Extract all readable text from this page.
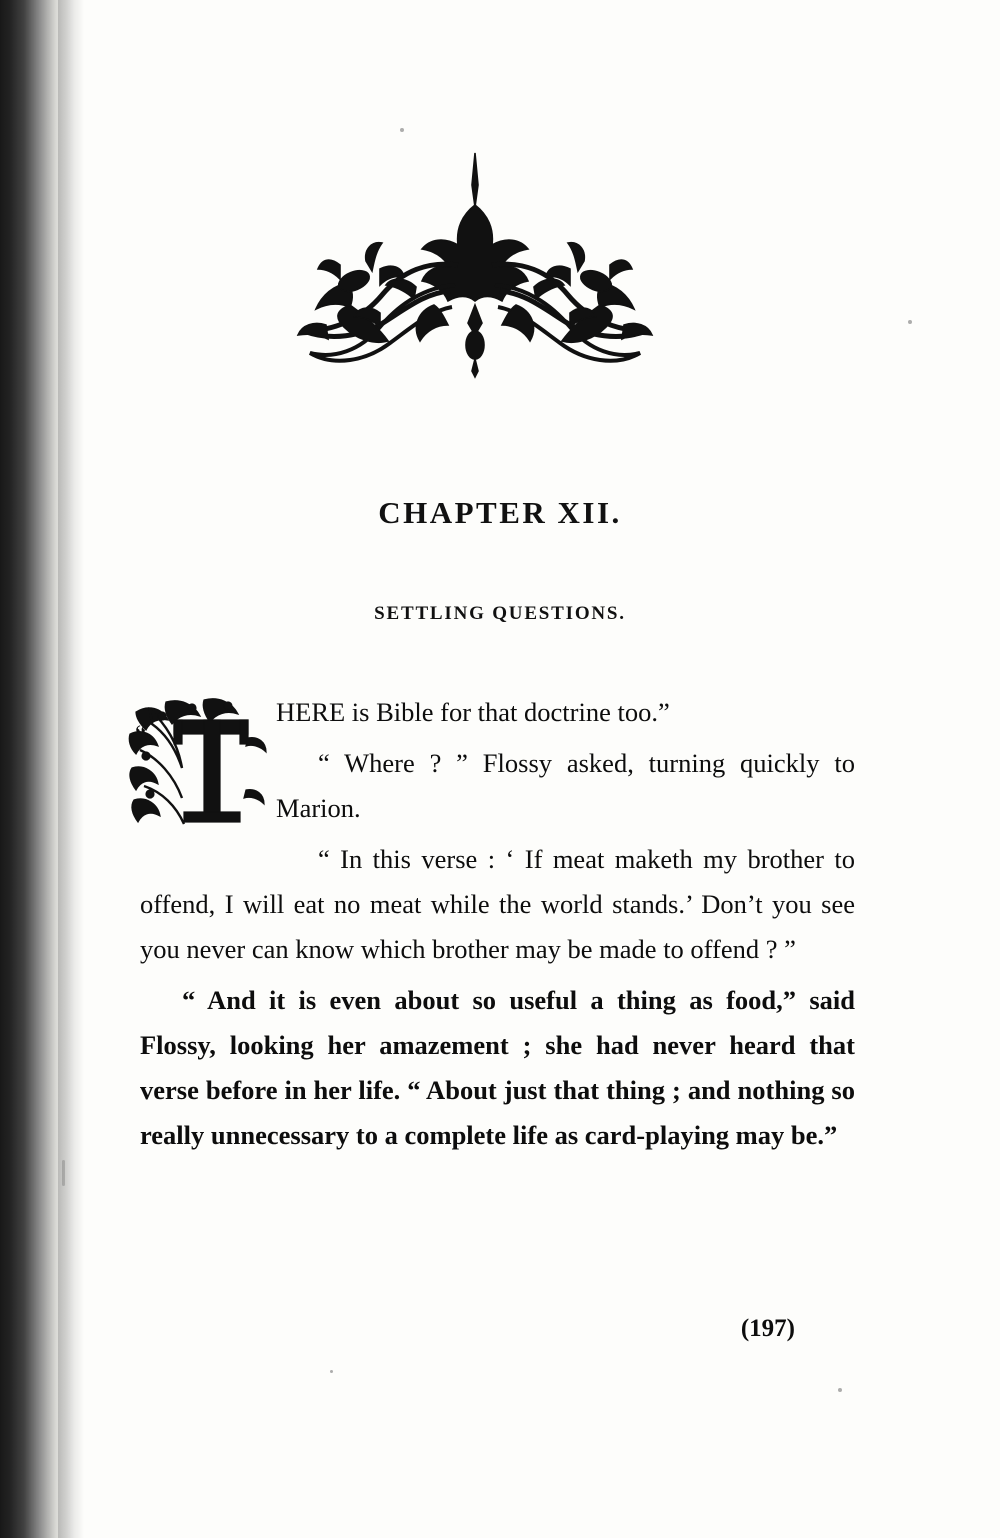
CHAPTER XII.
SETTLING QUESTIONS.
“

HERE is Bible for that doctrine too.”

“ Where ? ” Flossy asked, turning quickly to Marion.

“ In this verse : ‘ If meat maketh my brother to offend, I will eat no meat while the world stands.’ Don’t you see you never can know which brother may be made to offend ? ”

“ And it is even about so useful a thing as food,” said Flossy, looking her amazement ; she had never heard that verse before in her life. “ About just that thing ; and nothing so really unnecessary to a complete life as card-playing may be.”

(197)
